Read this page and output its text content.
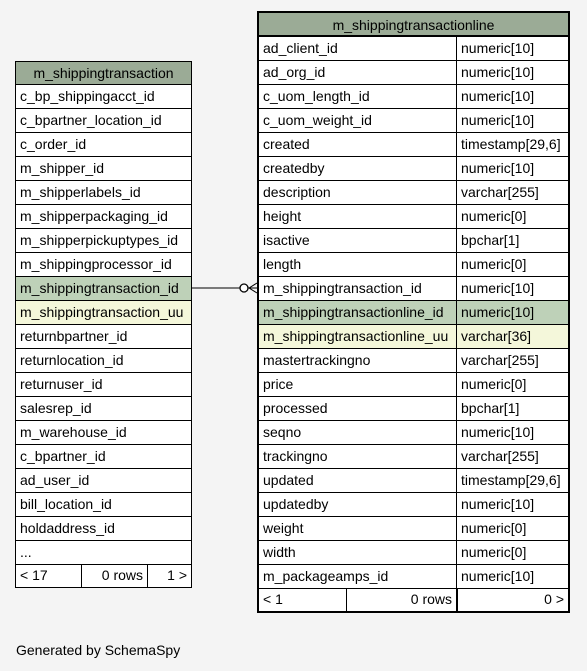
m_shippingtransaction
c_bp_shippingacct_id
c_bpartner_location_id
c_order_id
m_shipper_id
m_shipperlabels_id
m_shipperpackaging_id
m_shipperpickuptypes_id
m_shippingprocessor_id
m_shippingtransaction_id
m_shippingtransaction_uu
returnbpartner_id
returnlocation_id
returnuser_id
salesrep_id
m_warehouse_id
c_bpartner_id
ad_user_id
bill_location_id
holdaddress_id
...
< 17	0 rows	1 >
m_shippingtransactionline
ad_client_id	numeric[10]
ad_org_id	numeric[10]
c_uom_length_id	numeric[10]
c_uom_weight_id	numeric[10]
created	timestamp[29,6]
createdby	numeric[10]
description	varchar[255]
height	numeric[0]
isactive	bpchar[1]
length	numeric[0]
m_shippingtransaction_id	numeric[10]
m_shippingtransactionline_id	numeric[10]
m_shippingtransactionline_uu varchar[36]
mastertrackingno	varchar[255]
price	numeric[0]
processed	bpchar[1]
seqno	numeric[10]
trackingno	varchar[255]
updated	timestamp[29,6]
updatedby	numeric[10]
weight	numeric[0]
width	numeric[0]
m_packageamps_id	numeric[10]
< 1	0 rows	0 >
Generated by SchemaSpy
